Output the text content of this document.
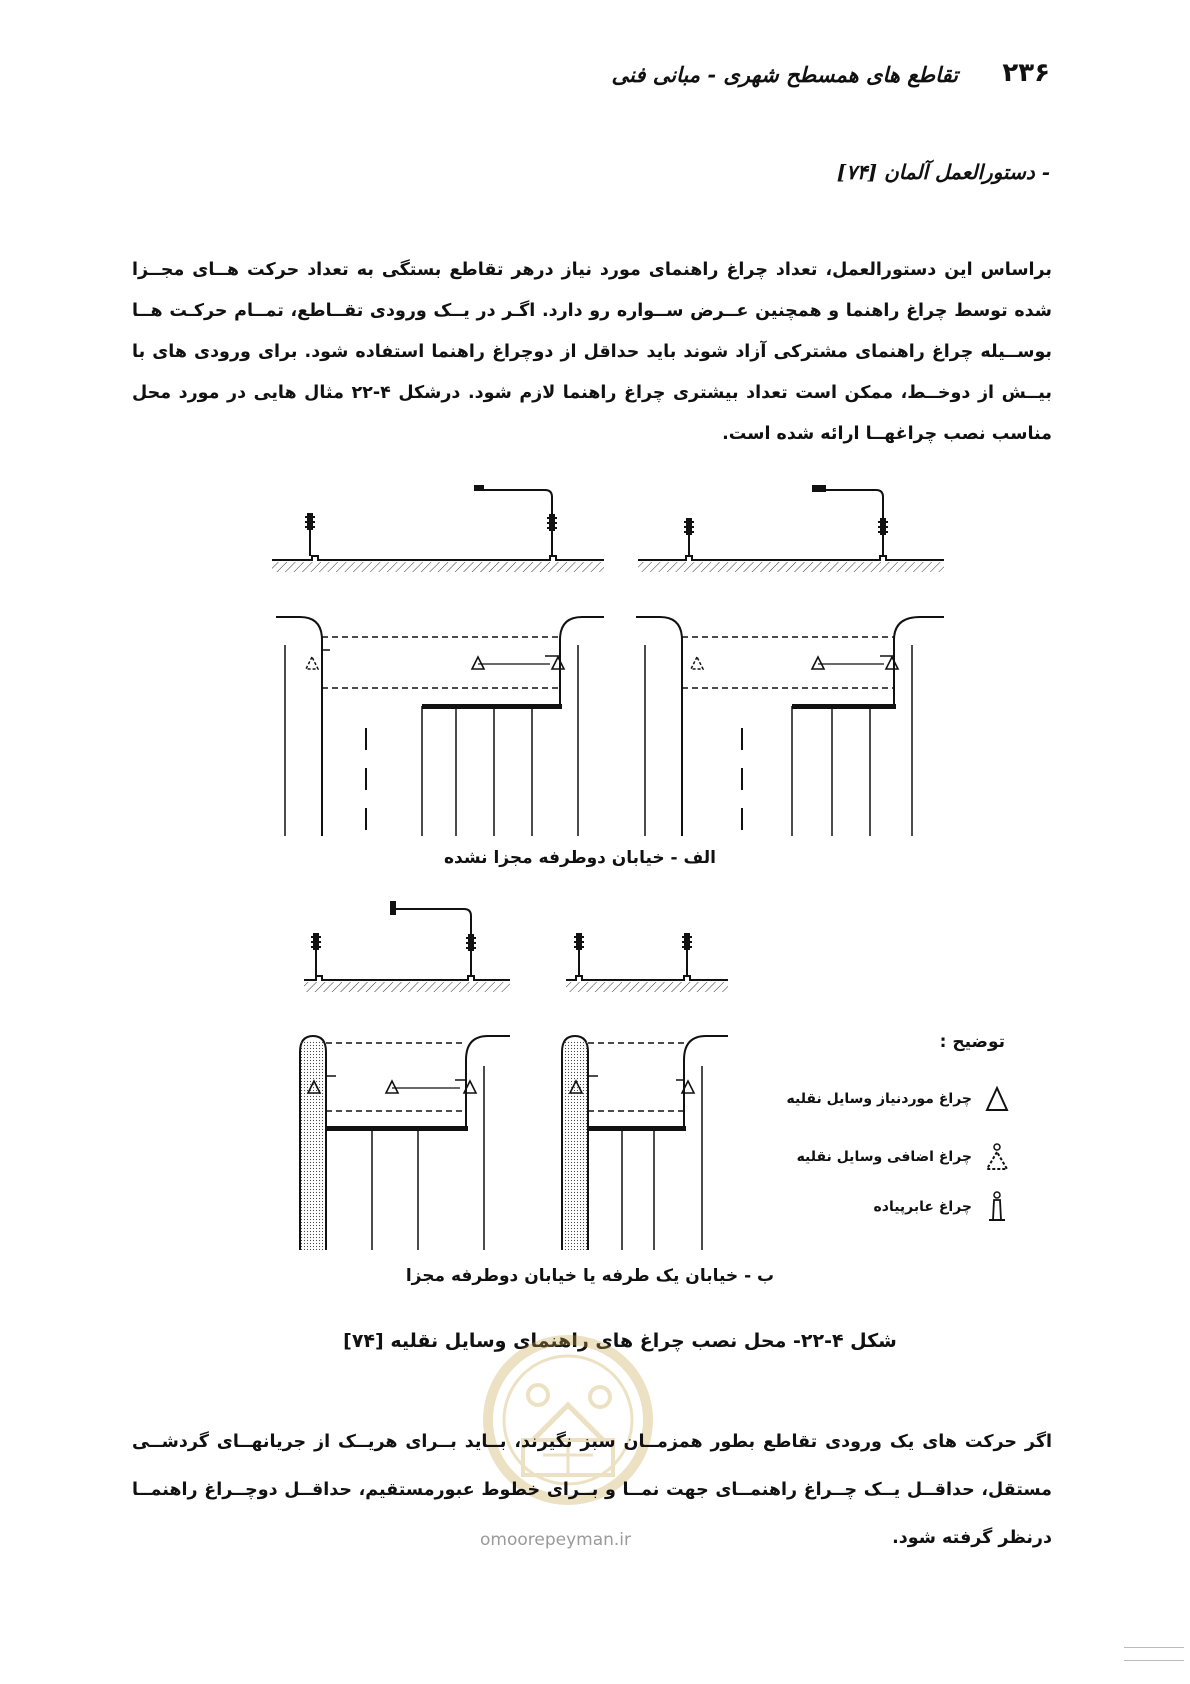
۲۳۶
تقاطع های همسطح شهری - مبانی فنی
- دستورالعمل آلمان [۷۴]
براساس این دستورالعمل، تعداد چراغ راهنمای مورد نیاز درهر تقاطع بستگی به تعداد حرکت هــای مجــزا شده توسط چراغ راهنما و همچنین عــرض ســواره رو دارد. اگـر در یــک ورودی تقــاطع، تمــام حرکـت هــا بوســیله چراغ راهنمای مشترکی آزاد شوند باید حداقل از دوچراغ راهنما استفاده شود. برای ورودی های با بیــش از دوخــط، ممکن است تعداد بیشتری چراغ راهنما لازم شود. درشکل ۴-۲۲ مثال هایی در مورد محل مناسب نصب چراغهــا ارائه شده است.
الف - خیابان دوطرفه مجزا نشده
ب - خیابان یک طرفه یا خیابان دوطرفه مجزا
توضیح :
چراغ موردنیاز وسایل نقلیه
چراغ اضافی وسایل نقلیه
چراغ عابرپیاده
شکل ۴-۲۲- محل نصب چراغ های راهنمای وسایل نقلیه [۷۴]
omoorepeyman.ir
اگر حرکت های یک ورودی تقاطع بطور همزمــان سبز نگیرند، بــاید بــرای هریــک از جریانهــای گردشــی مستقل، حداقــل یــک چــراغ راهنمــای جهت نمــا و بــرای خطوط عبورمستقیم، حداقــل دوچــراغ راهنمــا درنظر گرفته شود.
